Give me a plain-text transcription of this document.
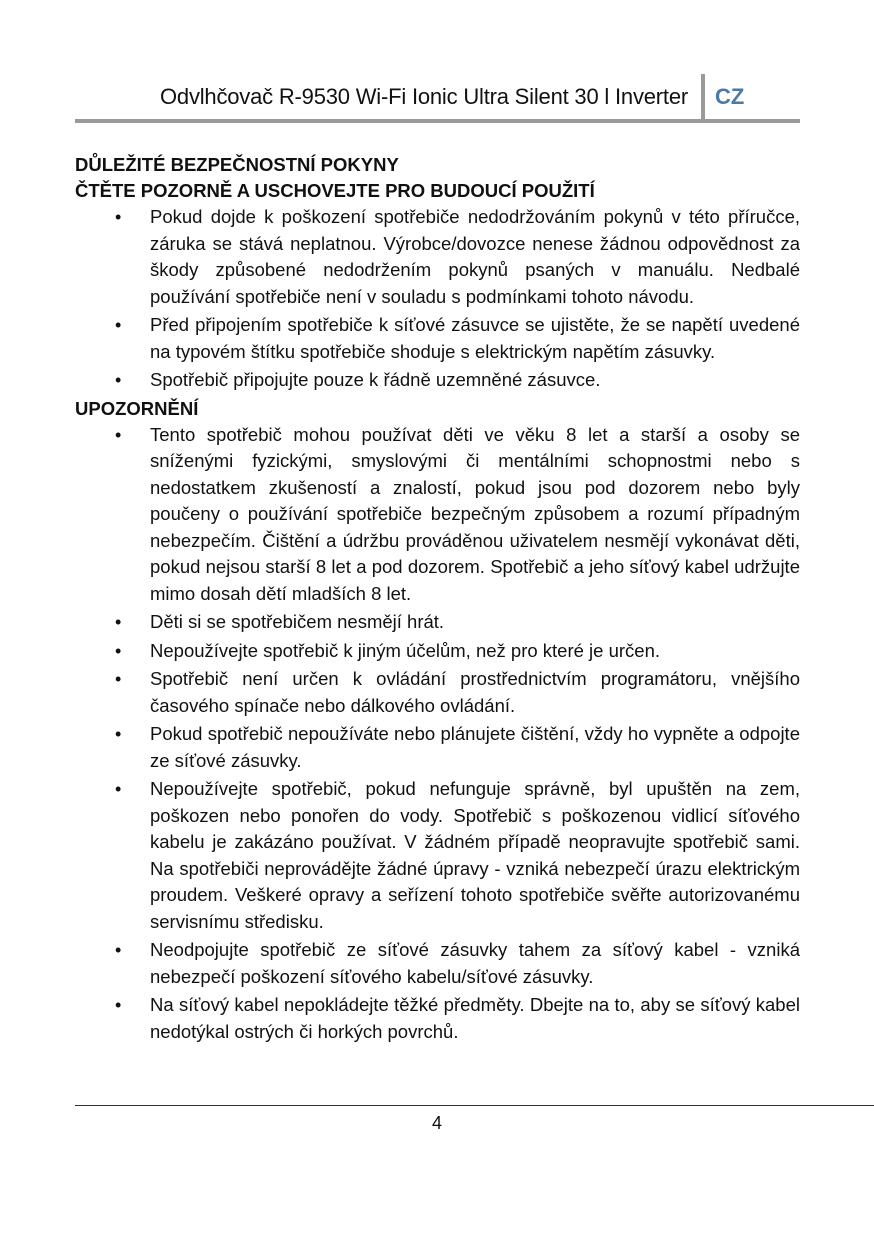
Odvlhčovač R-9530 Wi-Fi Ionic Ultra Silent 30 l Inverter CZ

DŮLEŽITÉ BEZPEČNOSTNÍ POKYNY

ČTĚTE POZORNĚ A USCHOVEJTE PRO BUDOUCÍ POUŽITÍ

• Pokud dojde k poškození spotřebiče nedodržováním pokynů v této příručce, záruka se stává neplatnou. Výrobce/dovozce nenese žádnou odpovědnost za škody způsobené nedodržením pokynů psaných v manuálu. Nedbalé používání spotřebiče není v souladu s podmínkami tohoto návodu.
• Před připojením spotřebiče k síťové zásuvce se ujistěte, že se napětí uvedené na typovém štítku spotřebiče shoduje s elektrickým napětím zásuvky.
• Spotřebič připojujte pouze k řádně uzemněné zásuvce.

UPOZORNĚNÍ

• Tento spotřebič mohou používat děti ve věku 8 let a starší a osoby se sníženými fyzickými, smyslovými či mentálními schopnostmi nebo s nedostatkem zkušeností a znalostí, pokud jsou pod dozorem nebo byly poučeny o používání spotřebiče bezpečným způsobem a rozumí případným nebezpečím. Čištění a údržbu prováděnou uživatelem nesmějí vykonávat děti, pokud nejsou starší 8 let a pod dozorem. Spotřebič a jeho síťový kabel udržujte mimo dosah dětí mladších 8 let.
• Děti si se spotřebičem nesmějí hrát.
• Nepoužívejte spotřebič k jiným účelům, než pro které je určen.
• Spotřebič není určen k ovládání prostřednictvím programátoru, vnějšího časového spínače nebo dálkového ovládání.
• Pokud spotřebič nepoužíváte nebo plánujete čištění, vždy ho vypněte a odpojte ze síťové zásuvky.
• Nepoužívejte spotřebič, pokud nefunguje správně, byl upuštěn na zem, poškozen nebo ponořen do vody. Spotřebič s poškozenou vidlicí síťového kabelu je zakázáno používat. V žádném případě neopravujte spotřebič sami. Na spotřebiči neprovádějte žádné úpravy - vzniká nebezpečí úrazu elektrickým proudem. Veškeré opravy a seřízení tohoto spotřebiče svěřte autorizovanému servisnímu středisku.
• Neodpojujte spotřebič ze síťové zásuvky tahem za síťový kabel - vzniká nebezpečí poškození síťového kabelu/síťové zásuvky.
• Na síťový kabel nepokládejte těžké předměty. Dbejte na to, aby se síťový kabel nedotýkal ostrých či horkých povrchů.
4
